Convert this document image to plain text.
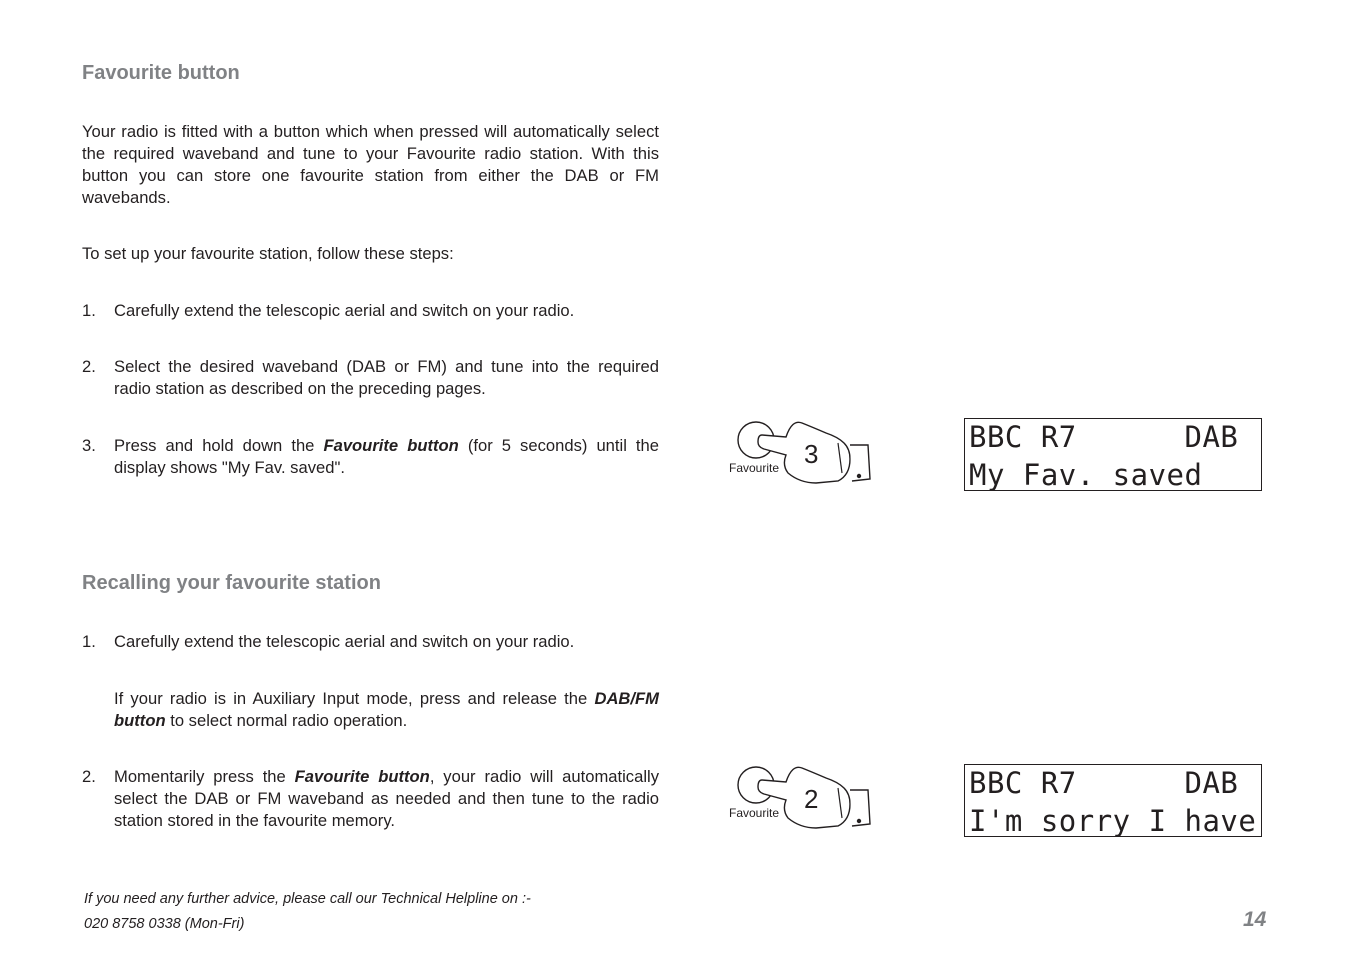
Favourite button

Your radio is fitted with a button which when pressed will automatically select the required waveband and tune to your Favourite radio station. With this button you can store one favourite station from either the DAB or FM wavebands.

To set up your favourite station, follow these steps:

1. Carefully extend the telescopic aerial and switch on your radio.
2. Select the desired waveband (DAB or FM) and tune into the required radio station as described on the preceding pages.
3. Press and hold down the Favourite button (for 5 seconds) until the display shows "My Fav. saved".
Recalling your favourite station
1. Carefully extend the telescopic aerial and switch on your radio.
If your radio is in Auxiliary Input mode, press and release the DAB/FM button to select normal radio operation.
2. Momentarily press the Favourite button, your radio will automatically select the DAB or FM waveband as needed and then tune to the radio station stored in the favourite memory.
3
Favourite
BBC R7      DAB
My Fav. saved
2
Favourite
BBC R7      DAB
I'm sorry I have

If you need any further advice, please call our Technical Helpline on :-

020 8758 0338 (Mon-Fri)	14
